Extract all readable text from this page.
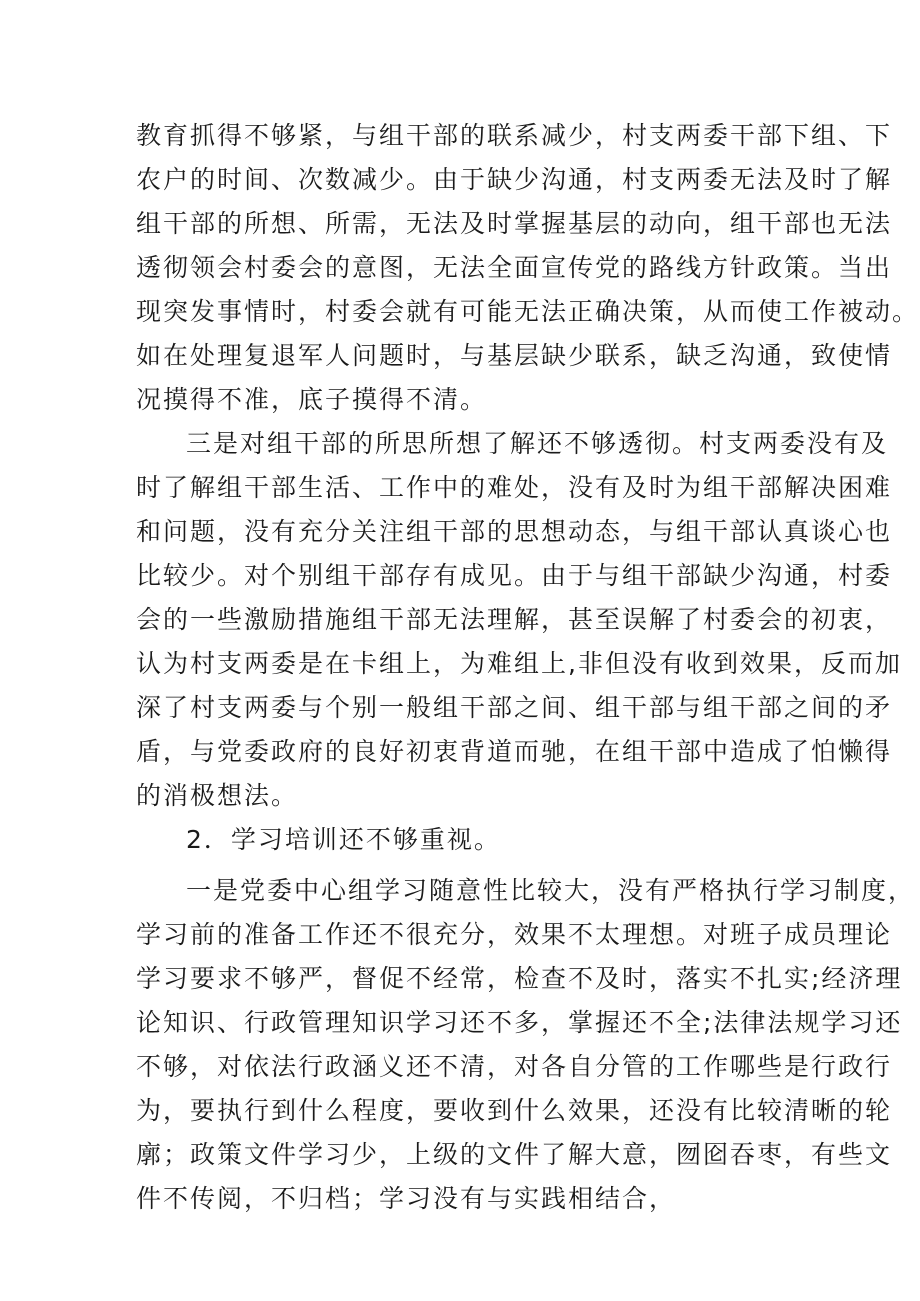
教育抓得不够紧，与组干部的联系减少，村支两委干部下组、下
农户的时间、次数减少。由于缺少沟通，村支两委无法及时了解
组干部的所想、所需，无法及时掌握基层的动向，组干部也无法
透彻领会村委会的意图，无法全面宣传党的路线方针政策。当出
现突发事情时，村委会就有可能无法正确决策，从而使工作被动。
如在处理复退军人问题时，与基层缺少联系，缺乏沟通，致使情
况摸得不准，底子摸得不清。
三是对组干部的所思所想了解还不够透彻。村支两委没有及
时了解组干部生活、工作中的难处，没有及时为组干部解决困难
和问题，没有充分关注组干部的思想动态，与组干部认真谈心也
比较少。对个别组干部存有成见。由于与组干部缺少沟通，村委
会的一些激励措施组干部无法理解，甚至误解了村委会的初衷，
认为村支两委是在卡组上，为难组上,非但没有收到效果，反而加
深了村支两委与个别一般组干部之间、组干部与组干部之间的矛
盾，与党委政府的良好初衷背道而驰，在组干部中造成了怕懒得
的消极想法。
2．学习培训还不够重视。
一是党委中心组学习随意性比较大，没有严格执行学习制度，
学习前的准备工作还不很充分，效果不太理想。对班子成员理论
学习要求不够严，督促不经常，检查不及时，落实不扎实;经济理
论知识、行政管理知识学习还不多，掌握还不全;法律法规学习还
不够，对依法行政涵义还不清，对各自分管的工作哪些是行政行
为，要执行到什么程度，要收到什么效果，还没有比较清晰的轮
廓；政策文件学习少，上级的文件了解大意，囫囵吞枣，有些文
件不传阅，不归档；学习没有与实践相结合，
